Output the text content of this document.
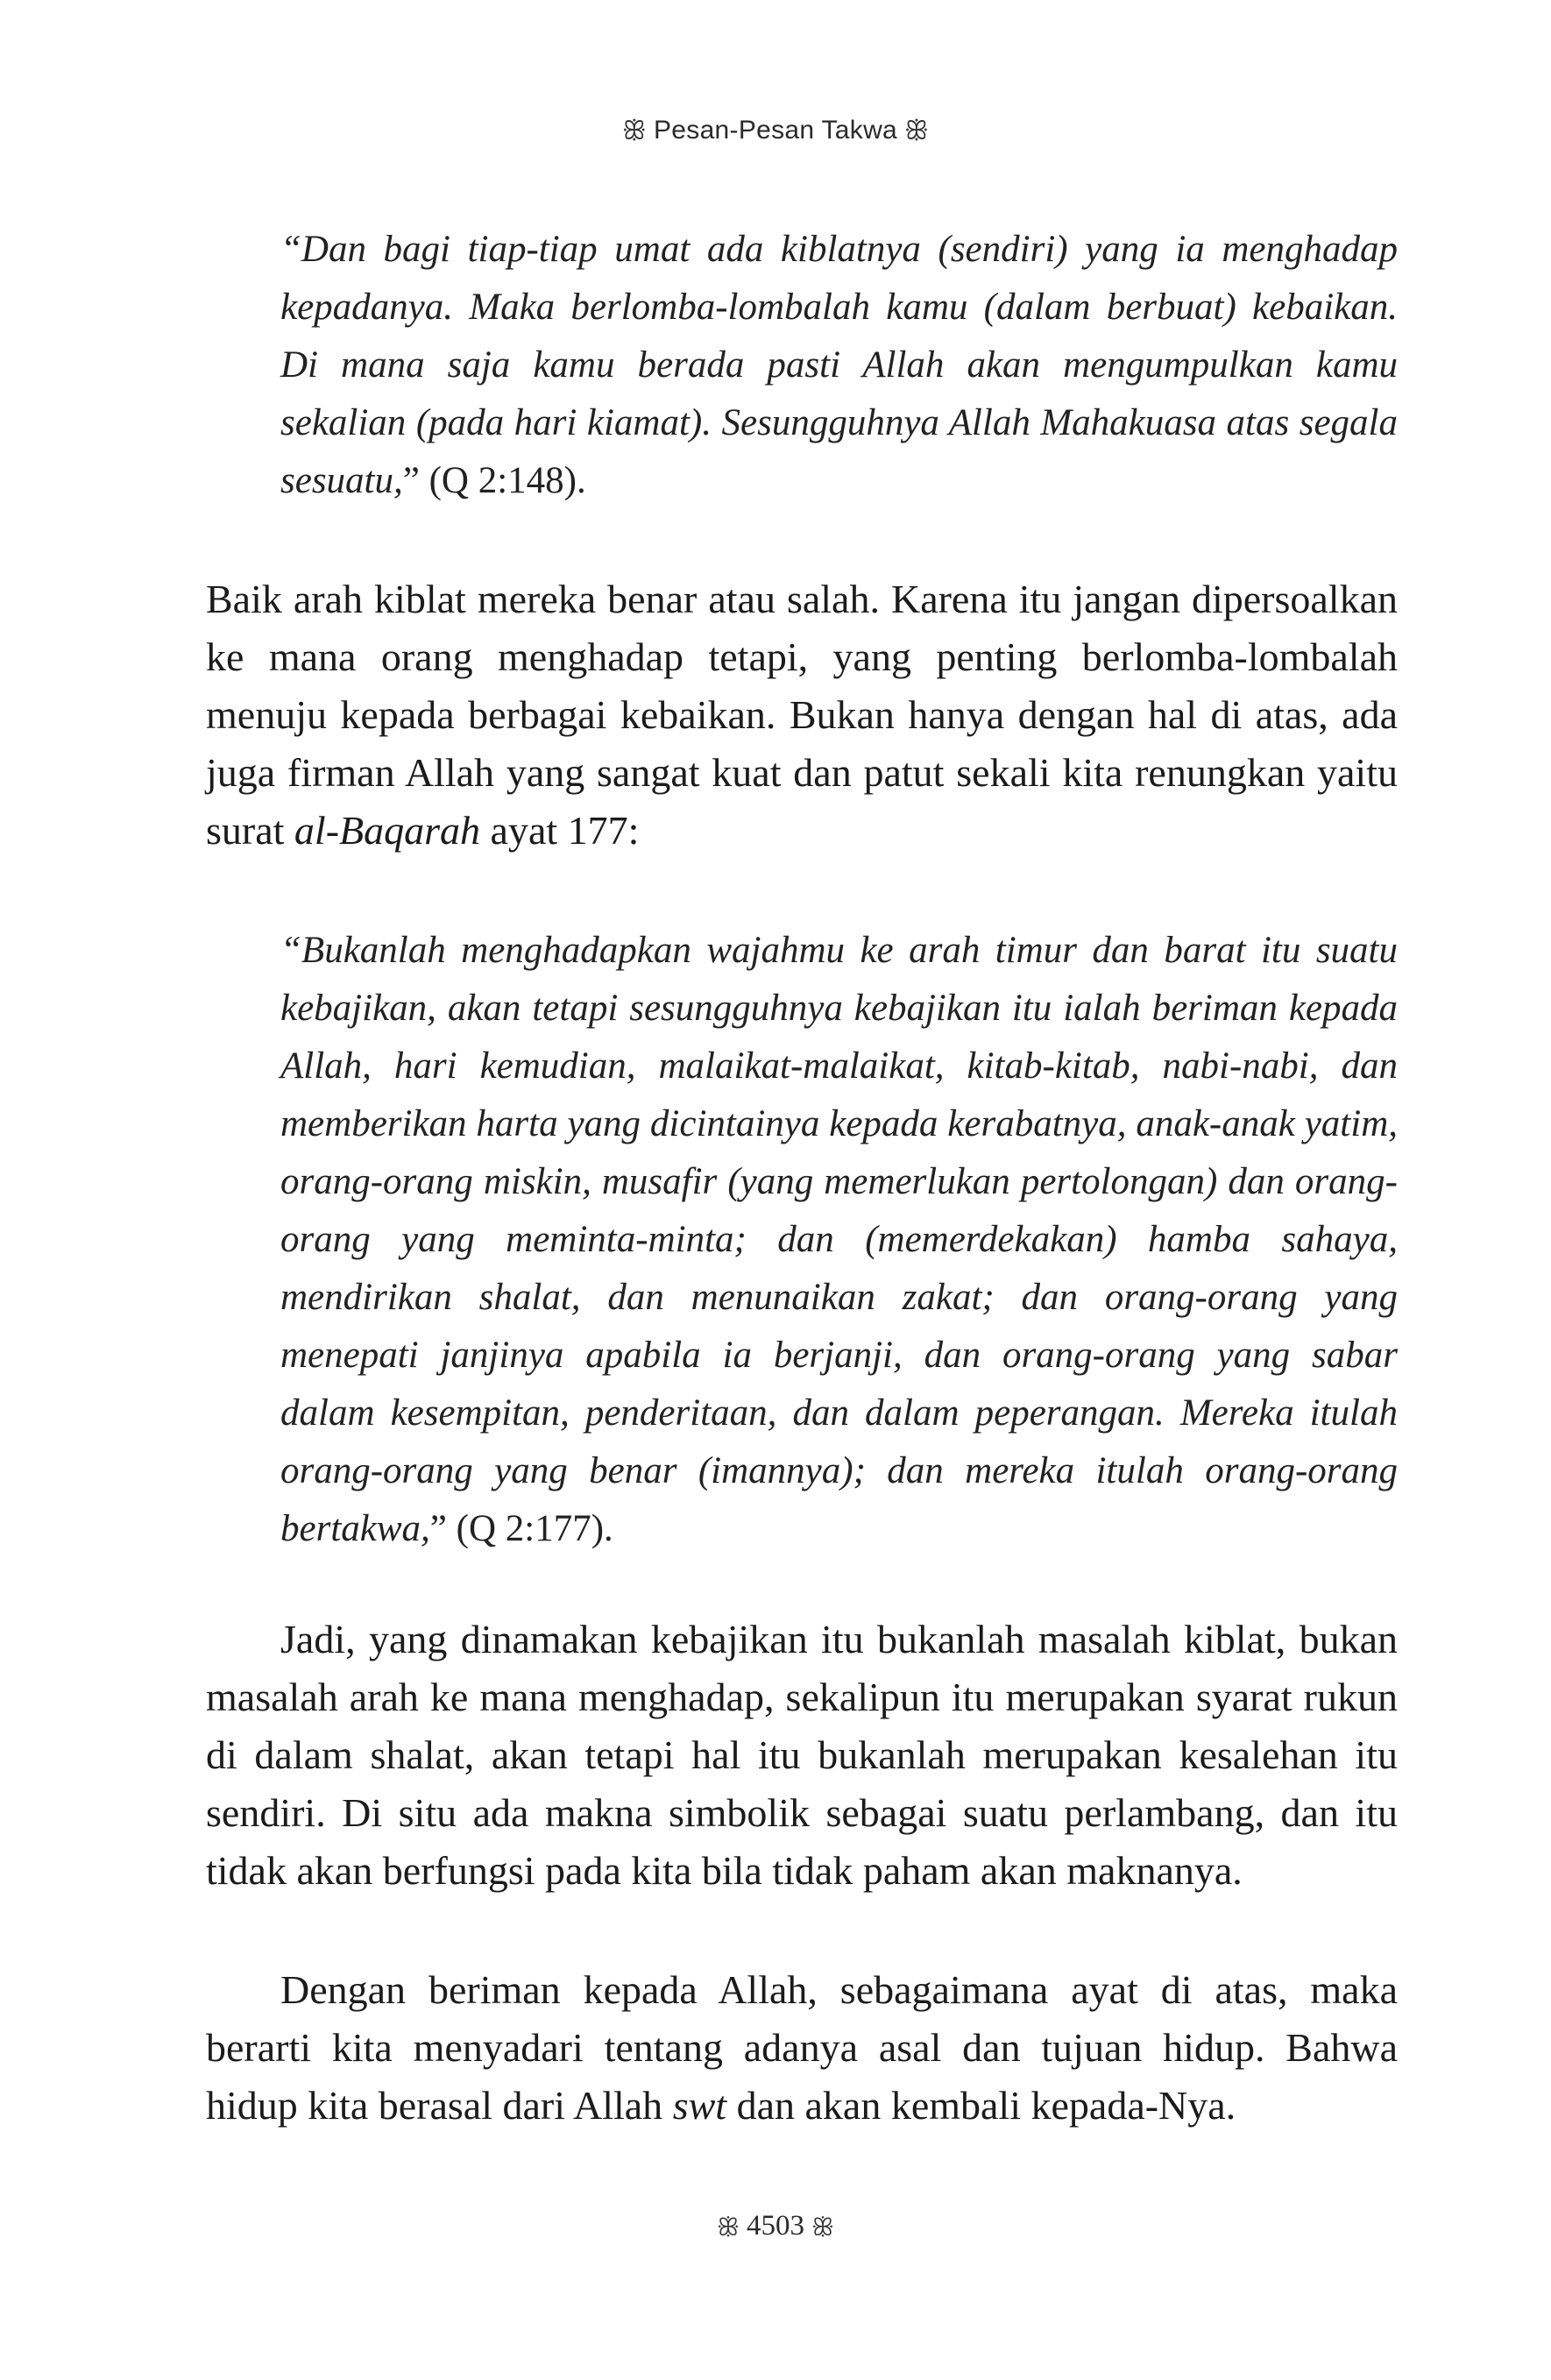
ꕥ Pesan-Pesan Takwa ꕥ
“Dan bagi tiap-tiap umat ada kiblatnya (sendiri) yang ia menghadap kepadanya. Maka berlomba-lombalah kamu (dalam berbuat) kebaikan. Di mana saja kamu berada pasti Allah akan mengumpulkan kamu sekalian (pada hari kiamat). Sesungguhnya Allah Mahakuasa atas segala sesuatu,” (Q 2:148).
Baik arah kiblat mereka benar atau salah. Karena itu jangan dipersoalkan ke mana orang menghadap tetapi, yang penting berlomba-lombalah menuju kepada berbagai kebaikan. Bukan hanya dengan hal di atas, ada juga firman Allah yang sangat kuat dan patut sekali kita renungkan yaitu surat al-Baqarah ayat 177:
“Bukanlah menghadapkan wajahmu ke arah timur dan barat itu suatu kebajikan, akan tetapi sesungguhnya kebajikan itu ialah beriman kepada Allah, hari kemudian, malaikat-malaikat, kitab-kitab, nabi-nabi, dan memberikan harta yang dicintainya kepada kerabatnya, anak-anak yatim, orang-orang miskin, musafir (yang memerlukan pertolongan) dan orang-orang yang meminta-minta; dan (memerdekakan) hamba sahaya, mendirikan shalat, dan menunaikan zakat; dan orang-orang yang menepati janjinya apabila ia berjanji, dan orang-orang yang sabar dalam kesempitan, penderitaan, dan dalam peperangan. Mereka itulah orang-orang yang benar (imannya); dan mereka itulah orang-orang bertakwa,” (Q 2:177).
Jadi, yang dinamakan kebajikan itu bukanlah masalah kiblat, bukan masalah arah ke mana menghadap, sekalipun itu merupakan syarat rukun di dalam shalat, akan tetapi hal itu bukanlah merupakan kesalehan itu sendiri. Di situ ada makna simbolik sebagai suatu perlambang, dan itu tidak akan berfungsi pada kita bila tidak paham akan maknanya.
Dengan beriman kepada Allah, sebagaimana ayat di atas, maka berarti kita menyadari tentang adanya asal dan tujuan hidup. Bahwa hidup kita berasal dari Allah swt dan akan kembali kepada-Nya.
ꕥ 4503 ꕥ
